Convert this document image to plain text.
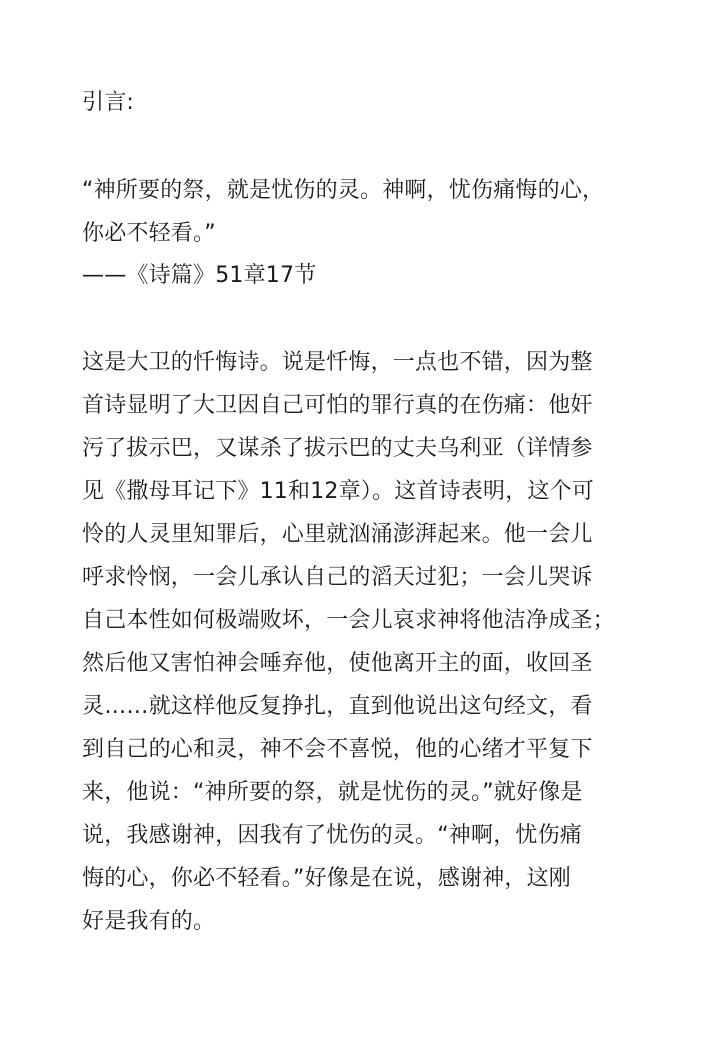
引言:
“神所要的祭，就是忧伤的灵。神啊，忧伤痛悔的心，
你必不轻看。”
——《诗篇》51章17节
这是大卫的忏悔诗。说是忏悔，一点也不错，因为整
首诗显明了大卫因自己可怕的罪行真的在伤痛：他奸
污了拔示巴，又谋杀了拔示巴的丈夫乌利亚（详情参
见《撒母耳记下》11和12章）。这首诗表明，这个可
怜的人灵里知罪后，心里就汹涌澎湃起来。他一会儿
呼求怜悯，一会儿承认自己的滔天过犯；一会儿哭诉
自己本性如何极端败坏，一会儿哀求神将他洁净成圣；
然后他又害怕神会唾弃他，使他离开主的面，收回圣
灵……就这样他反复挣扎，直到他说出这句经文，看
到自己的心和灵，神不会不喜悦，他的心绪才平复下
来，他说：“神所要的祭，就是忧伤的灵。”就好像是
说，我感谢神，因我有了忧伤的灵。“神啊，忧伤痛
悔的心，你必不轻看。”好像是在说，感谢神，这刚
好是我有的。
